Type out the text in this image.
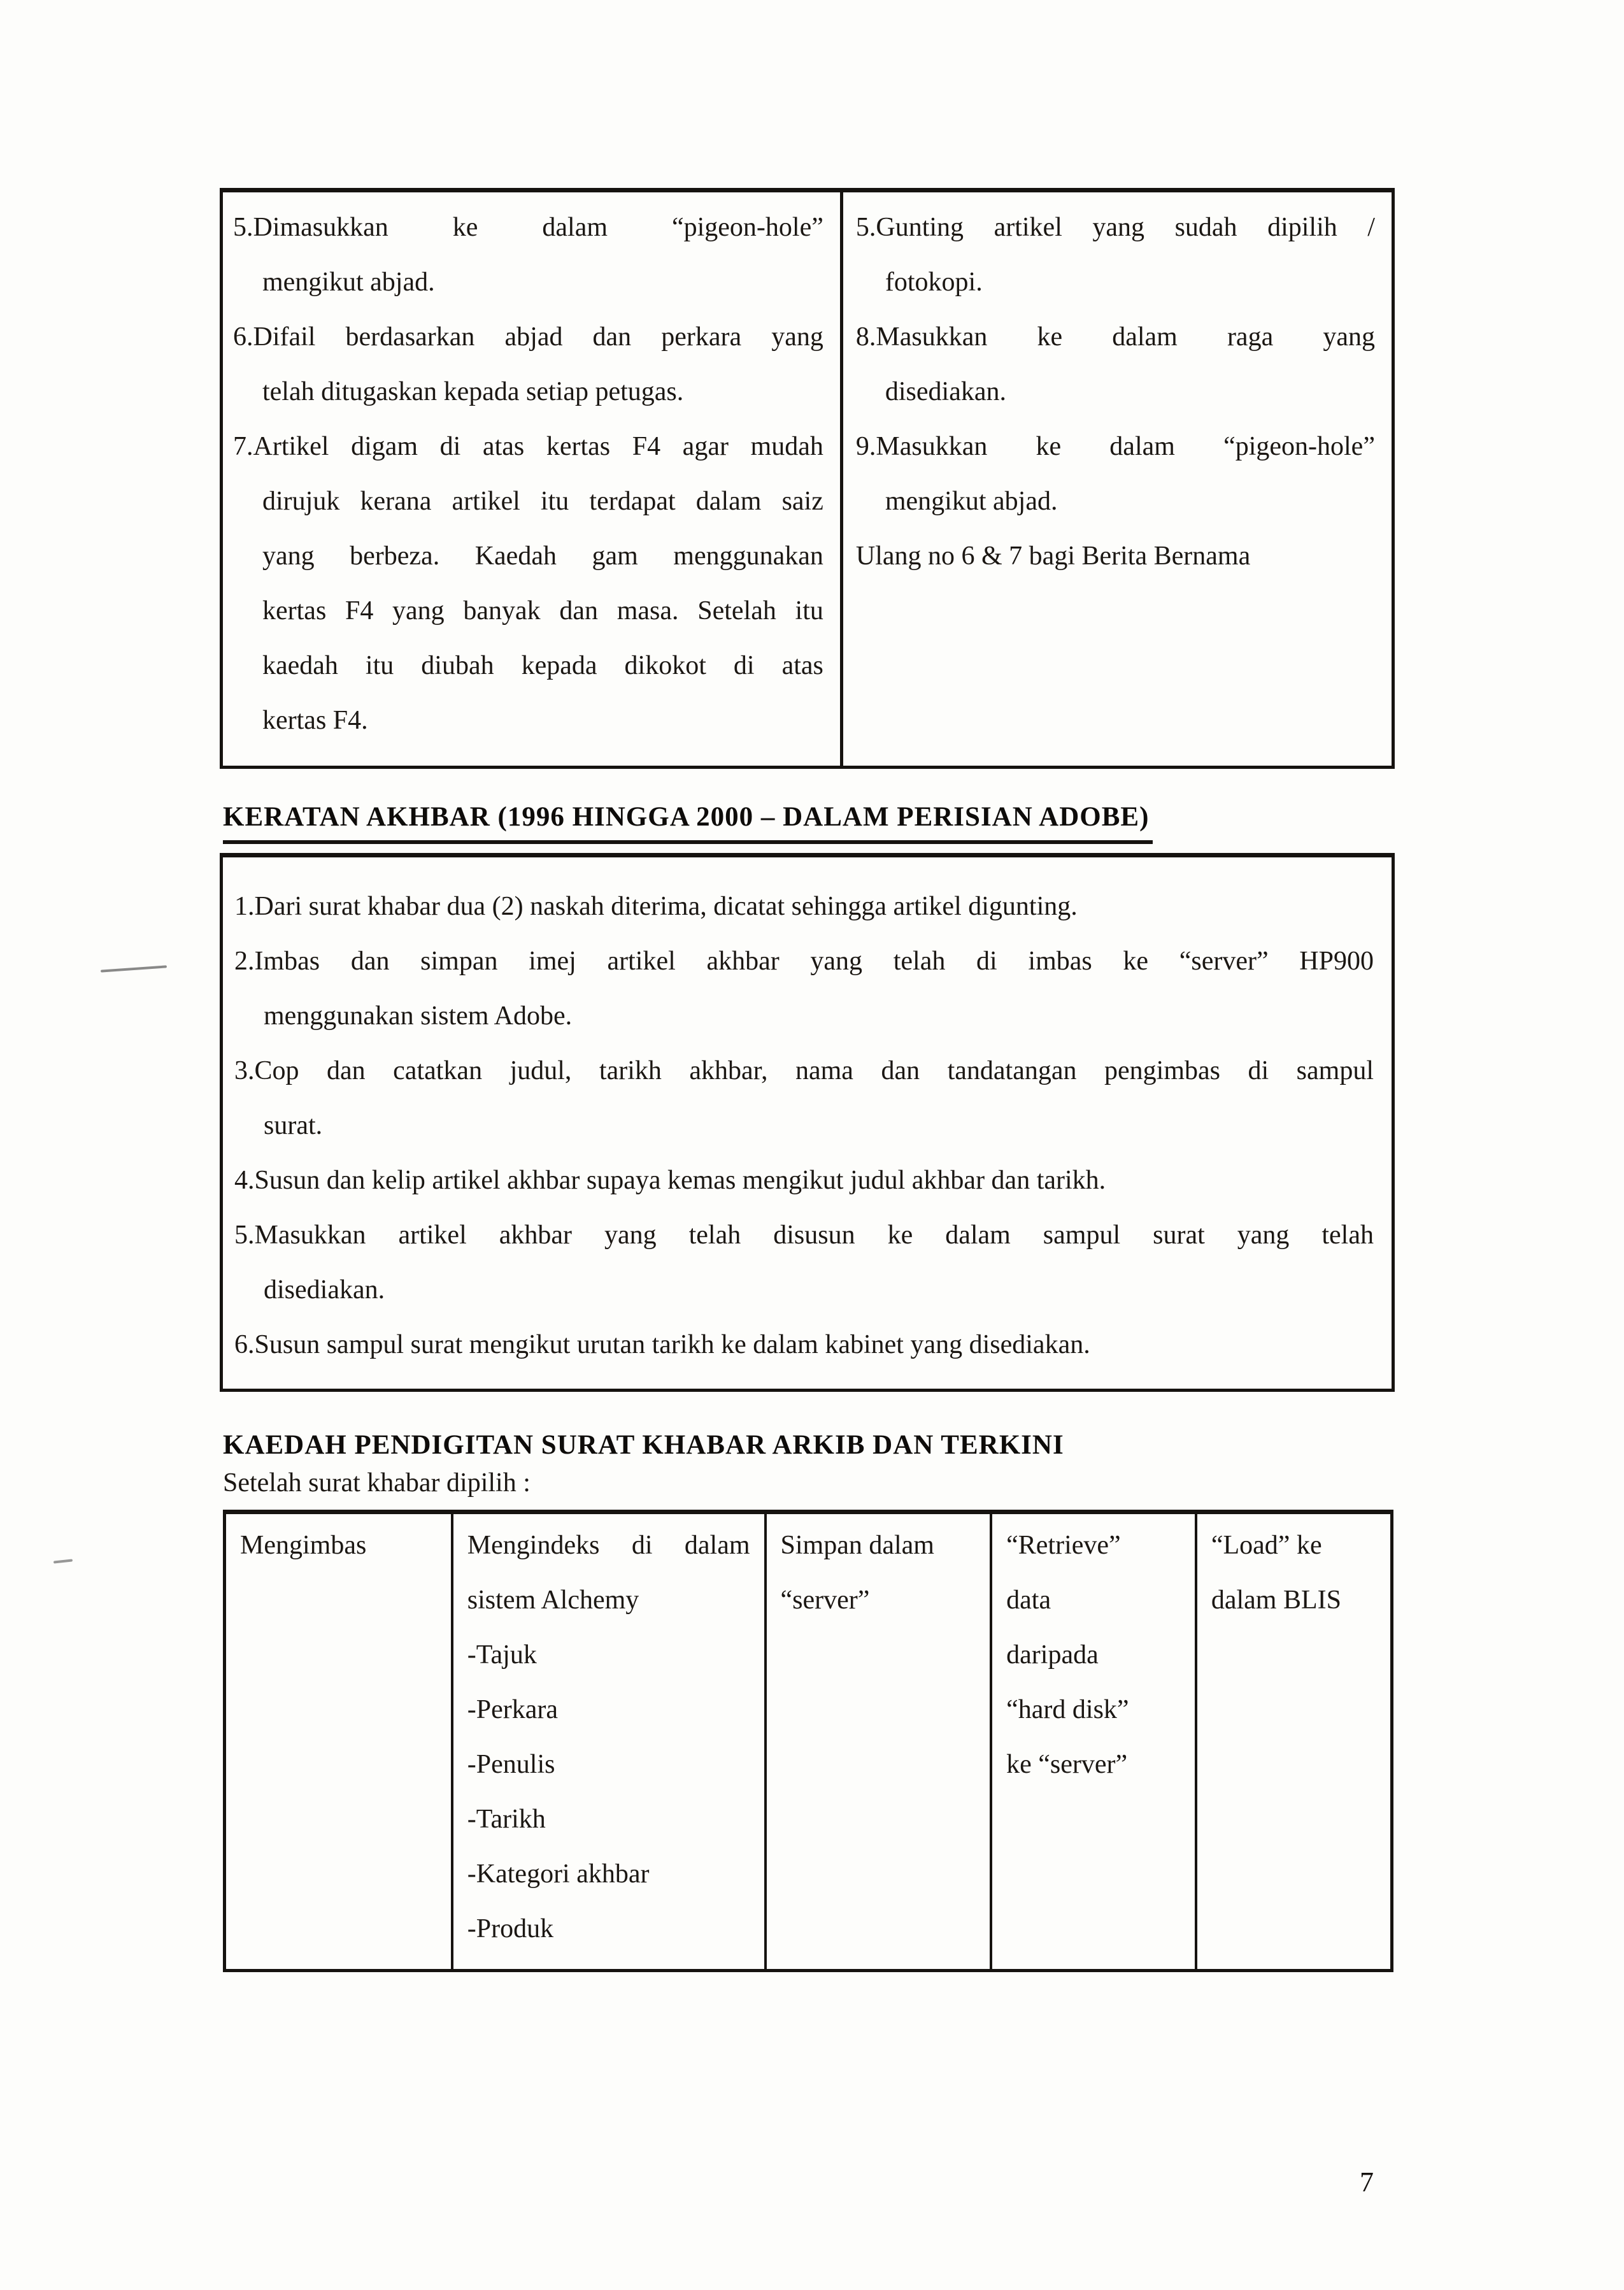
5.Dimasukkan ke dalam “pigeon-hole”
mengikut abjad.
6.Difail berdasarkan abjad dan perkara yang
telah ditugaskan kepada setiap petugas.
7.Artikel digam di atas kertas F4 agar mudah
dirujuk kerana artikel itu terdapat dalam saiz
yang berbeza. Kaedah gam menggunakan
kertas F4 yang banyak dan masa. Setelah itu
kaedah itu diubah kepada dikokot di atas
kertas F4.
5.Gunting artikel yang sudah dipilih /
fotokopi.
8.Masukkan ke dalam raga yang
disediakan.
9.Masukkan ke dalam “pigeon-hole”
mengikut abjad.
Ulang no 6 & 7 bagi Berita Bernama
KERATAN AKHBAR (1996 HINGGA 2000 – DALAM PERISIAN ADOBE)
1.Dari surat khabar dua (2) naskah diterima, dicatat sehingga artikel digunting.
2.Imbas dan simpan imej artikel akhbar yang telah di imbas ke “server” HP900
menggunakan sistem Adobe.
3.Cop dan catatkan judul, tarikh akhbar, nama dan tandatangan pengimbas di sampul
surat.
4.Susun dan kelip artikel akhbar supaya kemas mengikut judul akhbar dan tarikh.
5.Masukkan artikel akhbar yang telah disusun ke dalam sampul surat yang telah
disediakan.
6.Susun sampul surat mengikut urutan tarikh ke dalam kabinet yang disediakan.
KAEDAH PENDIGITAN SURAT KHABAR ARKIB DAN TERKINI
Setelah surat khabar dipilih :
Mengimbas	Mengindeks di dalam
sistem Alchemy
-Tajuk
-Perkara
-Penulis
-Tarikh
-Kategori akhbar
-Produk
Simpan dalam
“server”
“Retrieve”
data
daripada
“hard disk”
ke “server”
“Load” ke
dalam BLIS
7
